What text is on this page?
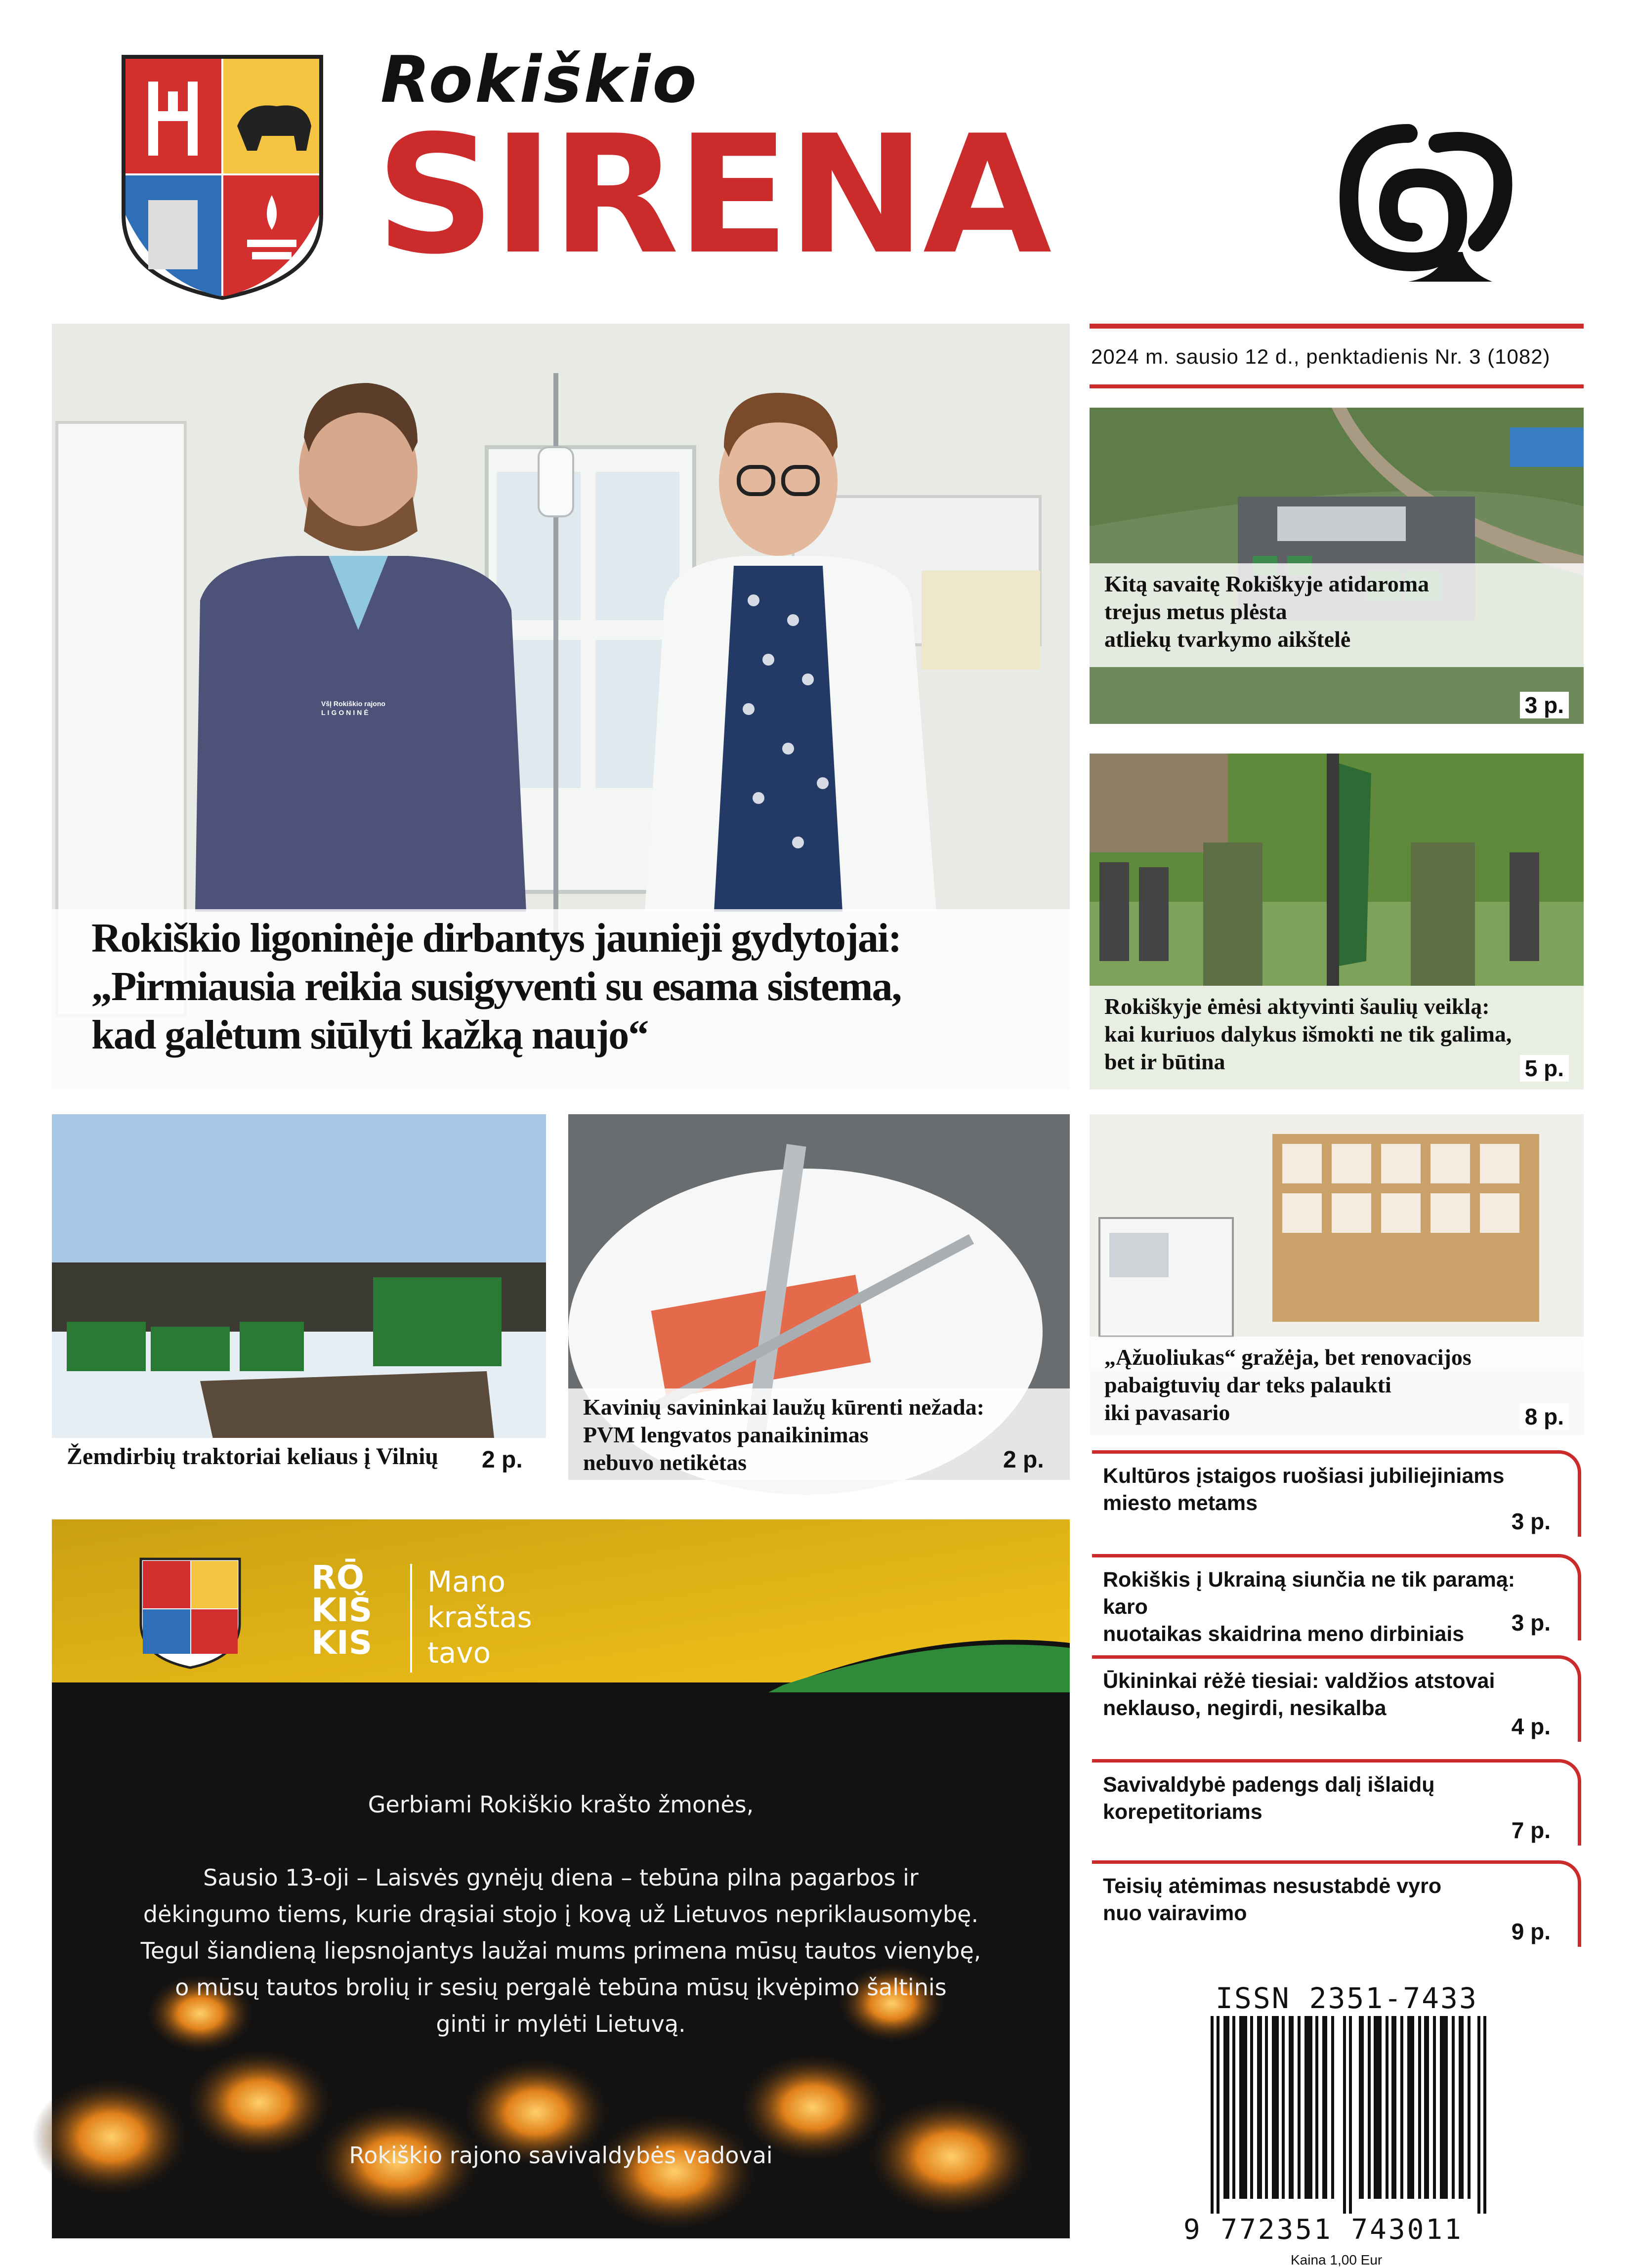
Rokiškio
SIRENA
2024 m. sausio 12 d., penktadienis Nr. 3 (1082)
Rokiškio ligoninėje dirbantys jaunieji gydytojai:
„Pirmiausia reikia susigyventi su esama sistema,
kad galėtum siūlyti kažką naujo“
VšĮ Rokiškio rajono
LIGONINĖ
Kitą savaitę Rokiškyje atidaroma
trejus metus plėsta
atliekų tvarkymo aikštelė
3 p.
Rokiškyje ėmėsi aktyvinti šaulių veiklą:
kai kuriuos dalykus išmokti ne tik galima,
bet ir būtina	5 p.
„Ąžuoliukas“ gražėja, bet renovacijos
pabaigtuvių dar teks palaukti
iki pavasario	8 p.
Žemdirbių traktoriai keliaus į Vilnių 2 p.
Kavinių savininkai laužų kūrenti nežada:
PVM lengvatos panaikinimas
nebuvo netikėtas	2 p.
Kultūros įstaigos ruošiasi jubiliejiniams
miesto metams
3 p.
Rokiškis į Ukrainą siunčia ne tik paramą: karo
nuotaikas skaidrina meno dirbiniais	3 p.
Ūkininkai rėžė tiesiai: valdžios atstovai
neklauso, negirdi, nesikalba
4 p.
Savivaldybė padengs dalį išlaidų
korepetitoriams
7 p.
Teisių atėmimas nesustabdė vyro
nuo vairavimo
9 p.
RŌ
KIŠ
KIS
Mano
kraštas
tavo
Gerbiami Rokiškio krašto žmonės,
Sausio 13-oji – Laisvės gynėjų diena – tebūna pilna pagarbos ir
dėkingumo tiems, kurie drąsiai stojo į kovą už Lietuvos nepriklausomybę.
Tegul šiandieną liepsnojantys laužai mums primena mūsų tautos vienybę,
o mūsų tautos brolių ir sesių pergalė tebūna mūsų įkvėpimo šaltinis
ginti ir mylėti Lietuvą.
Rokiškio rajono savivaldybės vadovai
ISSN 2351-7433
9 772351 743011
Kaina 1,00 Eur
